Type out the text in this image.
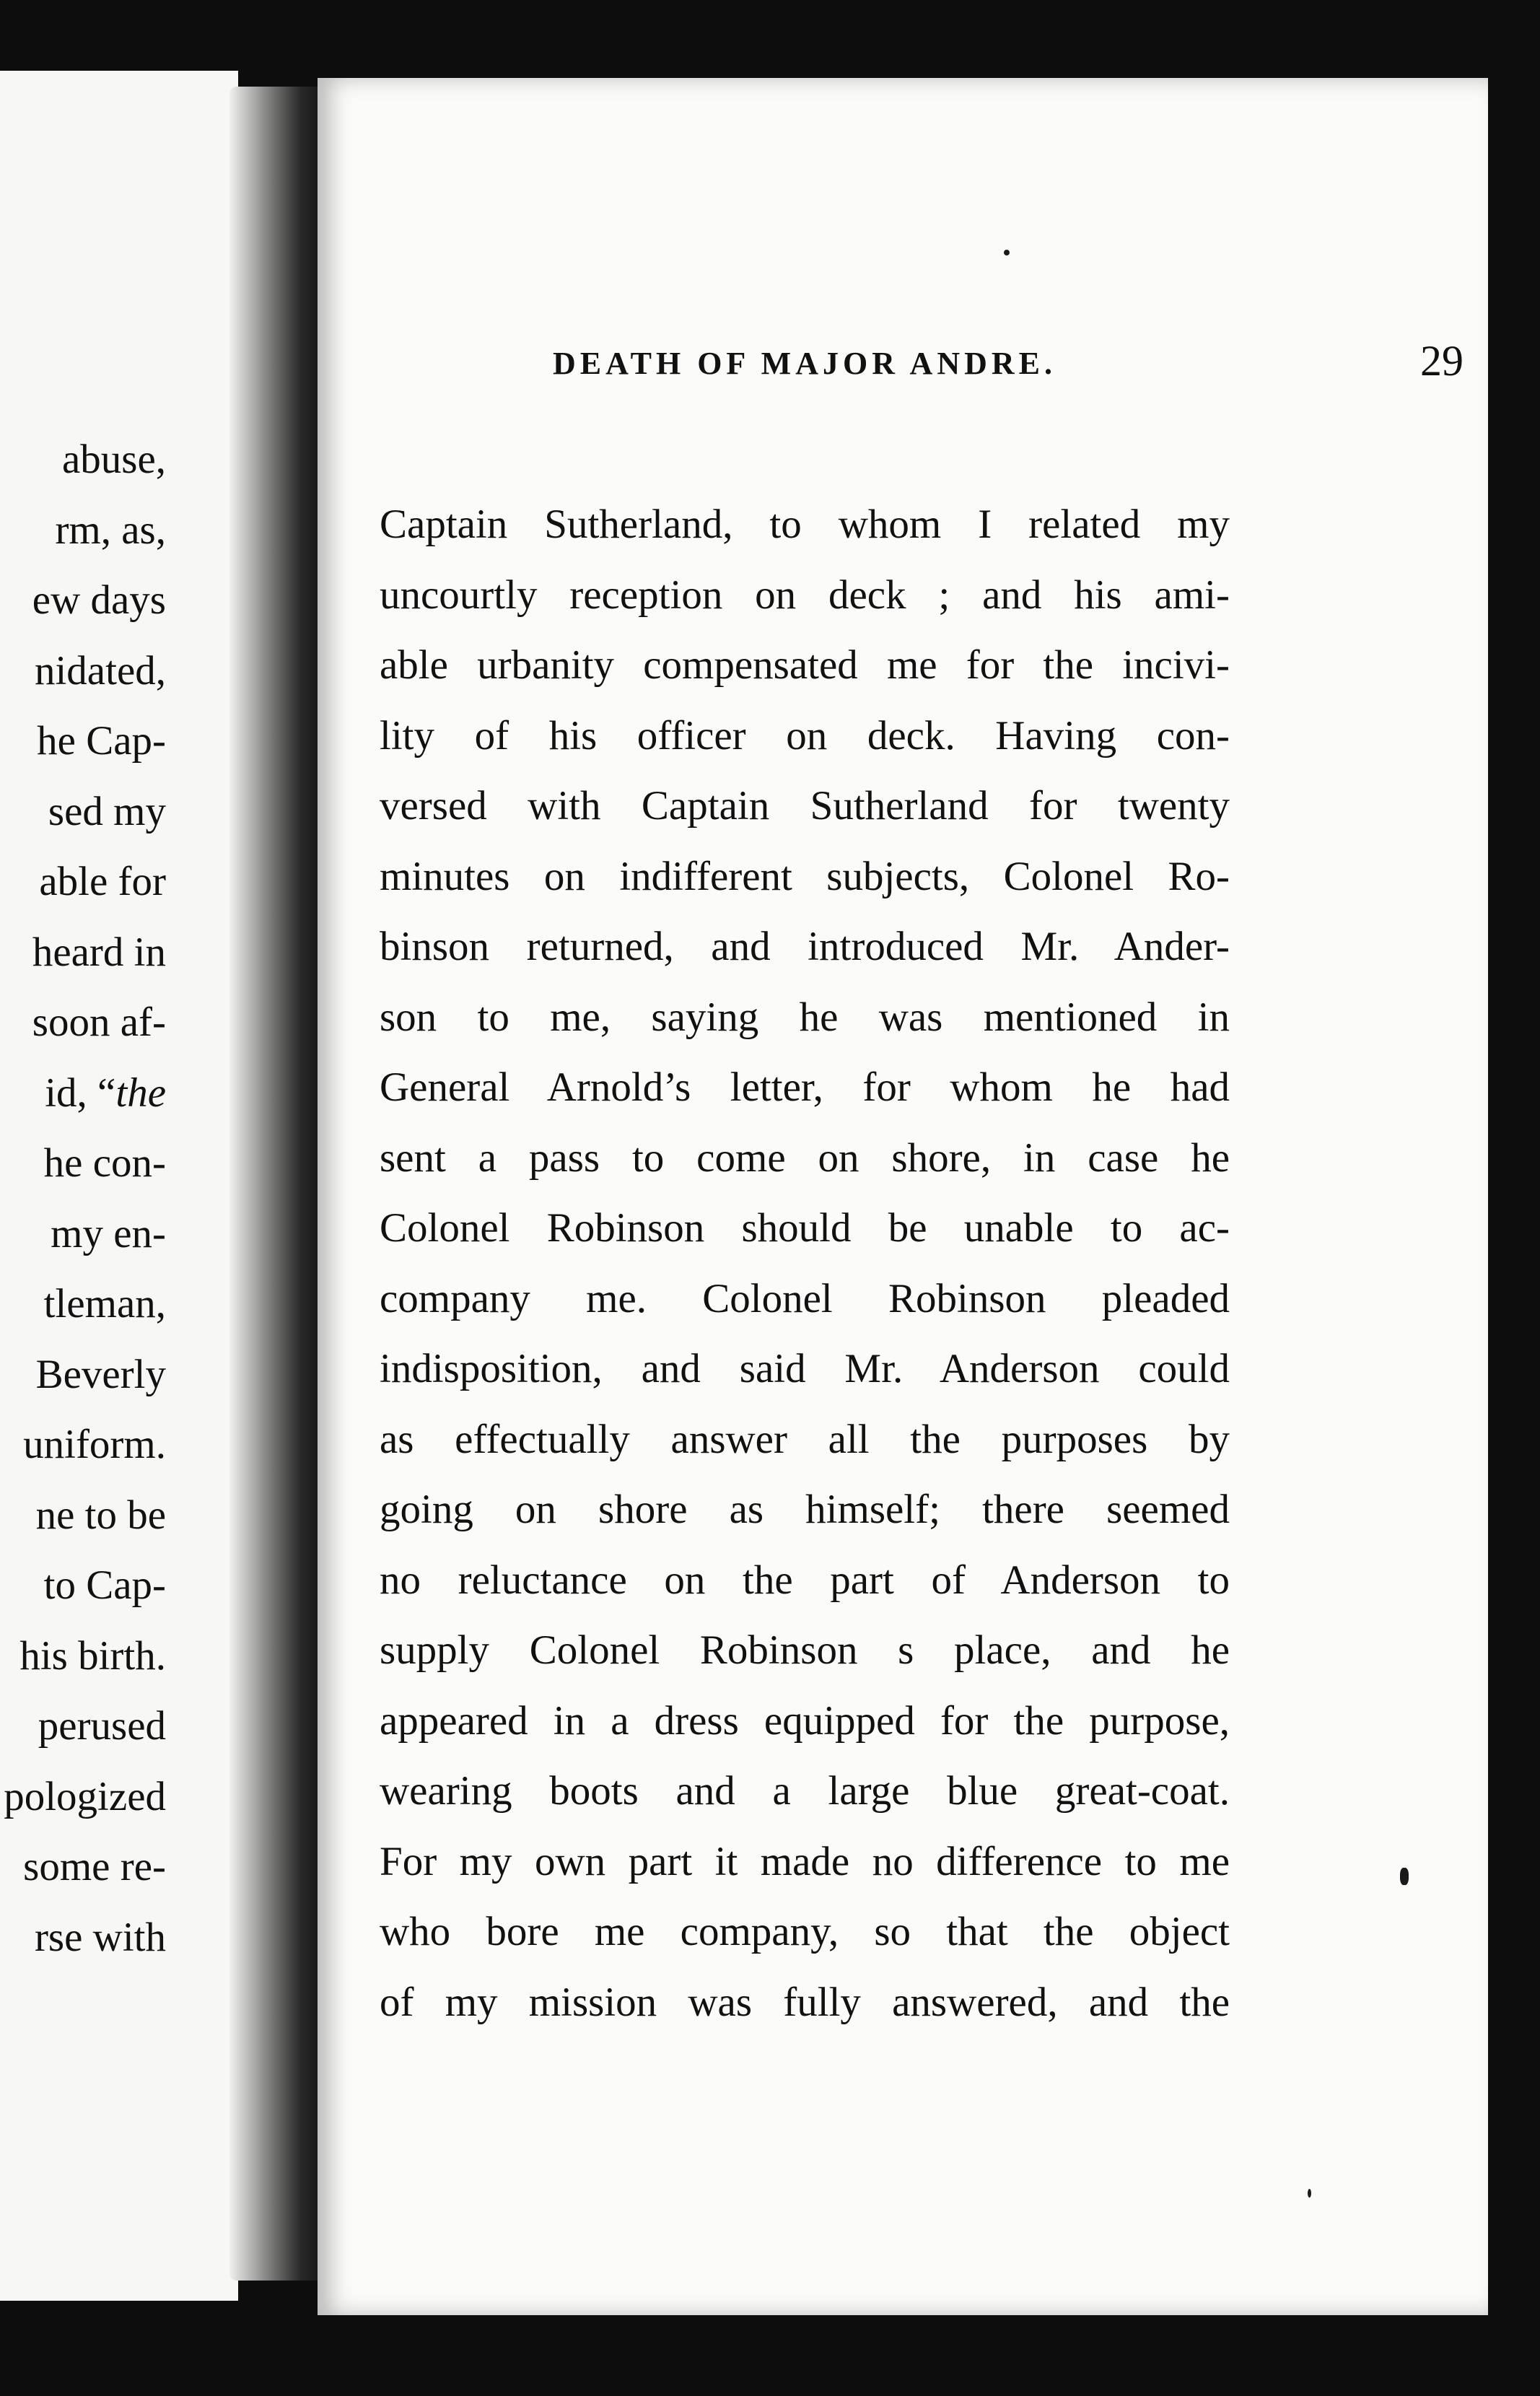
abuse,
rm, as,
ew days
nidated,
he Cap-
sed my
able for
heard in
soon af-
id, “the
he con-
my en-
tleman,
Beverly
uniform.
ne to be
to Cap-
his birth.
perused
pologized
some re-
rse with
DEATH OF MAJOR ANDRE.	29
Captain Sutherland, to whom I related my
uncourtly reception on deck ; and his ami-
able urbanity compensated me for the incivi-
lity of his officer on deck. Having con-
versed with Captain Sutherland for twenty
minutes on indifferent subjects, Colonel Ro-
binson returned, and introduced Mr. Ander-
son to me, saying he was mentioned in
General Arnold’s letter, for whom he had
sent a pass to come on shore, in case he
Colonel Robinson should be unable to ac-
company me. Colonel Robinson pleaded
indisposition, and said Mr. Anderson could
as effectually answer all the purposes by
going on shore as himself; there seemed
no reluctance on the part of Anderson to
supply Colonel Robinson s place, and he
appeared in a dress equipped for the purpose,
wearing boots and a large blue great-coat.
For my own part it made no difference to me
who bore me company, so that the object
of my mission was fully answered, and the
